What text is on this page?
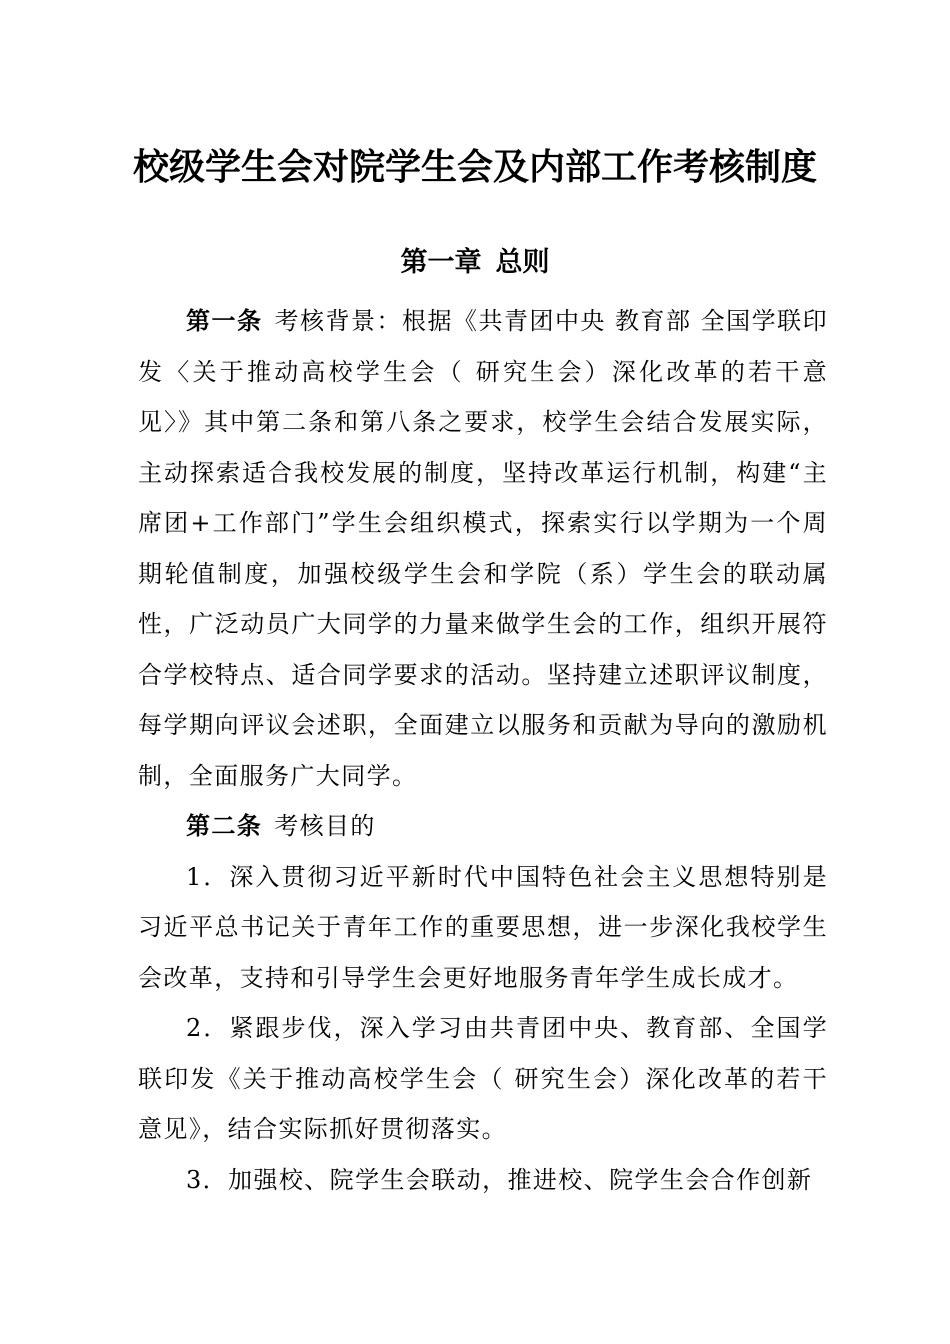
校级学生会对院学生会及内部工作考核制度
第一章 总则

第一条 考核背景：根据《共青团中央 教育部 全国学联印发〈关于推动高校学生会（ 研究生会）深化改革的若干意见〉》其中第二条和第八条之要求，校学生会结合发展实际，主动探索适合我校发展的制度，坚持改革运行机制，构建“主席团+工作部门”学生会组织模式，探索实行以学期为一个周期轮值制度，加强校级学生会和学院（系）学生会的联动属性，广泛动员广大同学的力量来做学生会的工作，组织开展符合学校特点、适合同学要求的活动。坚持建立述职评议制度，每学期向评议会述职，全面建立以服务和贡献为导向的激励机制，全面服务广大同学。

第二条 考核目的

1．深入贯彻习近平新时代中国特色社会主义思想特别是习近平总书记关于青年工作的重要思想，进一步深化我校学生会改革，支持和引导学生会更好地服务青年学生成长成才。

2．紧跟步伐，深入学习由共青团中央、教育部、全国学联印发《关于推动高校学生会（ 研究生会）深化改革的若干意见》，结合实际抓好贯彻落实。

3．加强校、院学生会联动，推进校、院学生会合作创新
